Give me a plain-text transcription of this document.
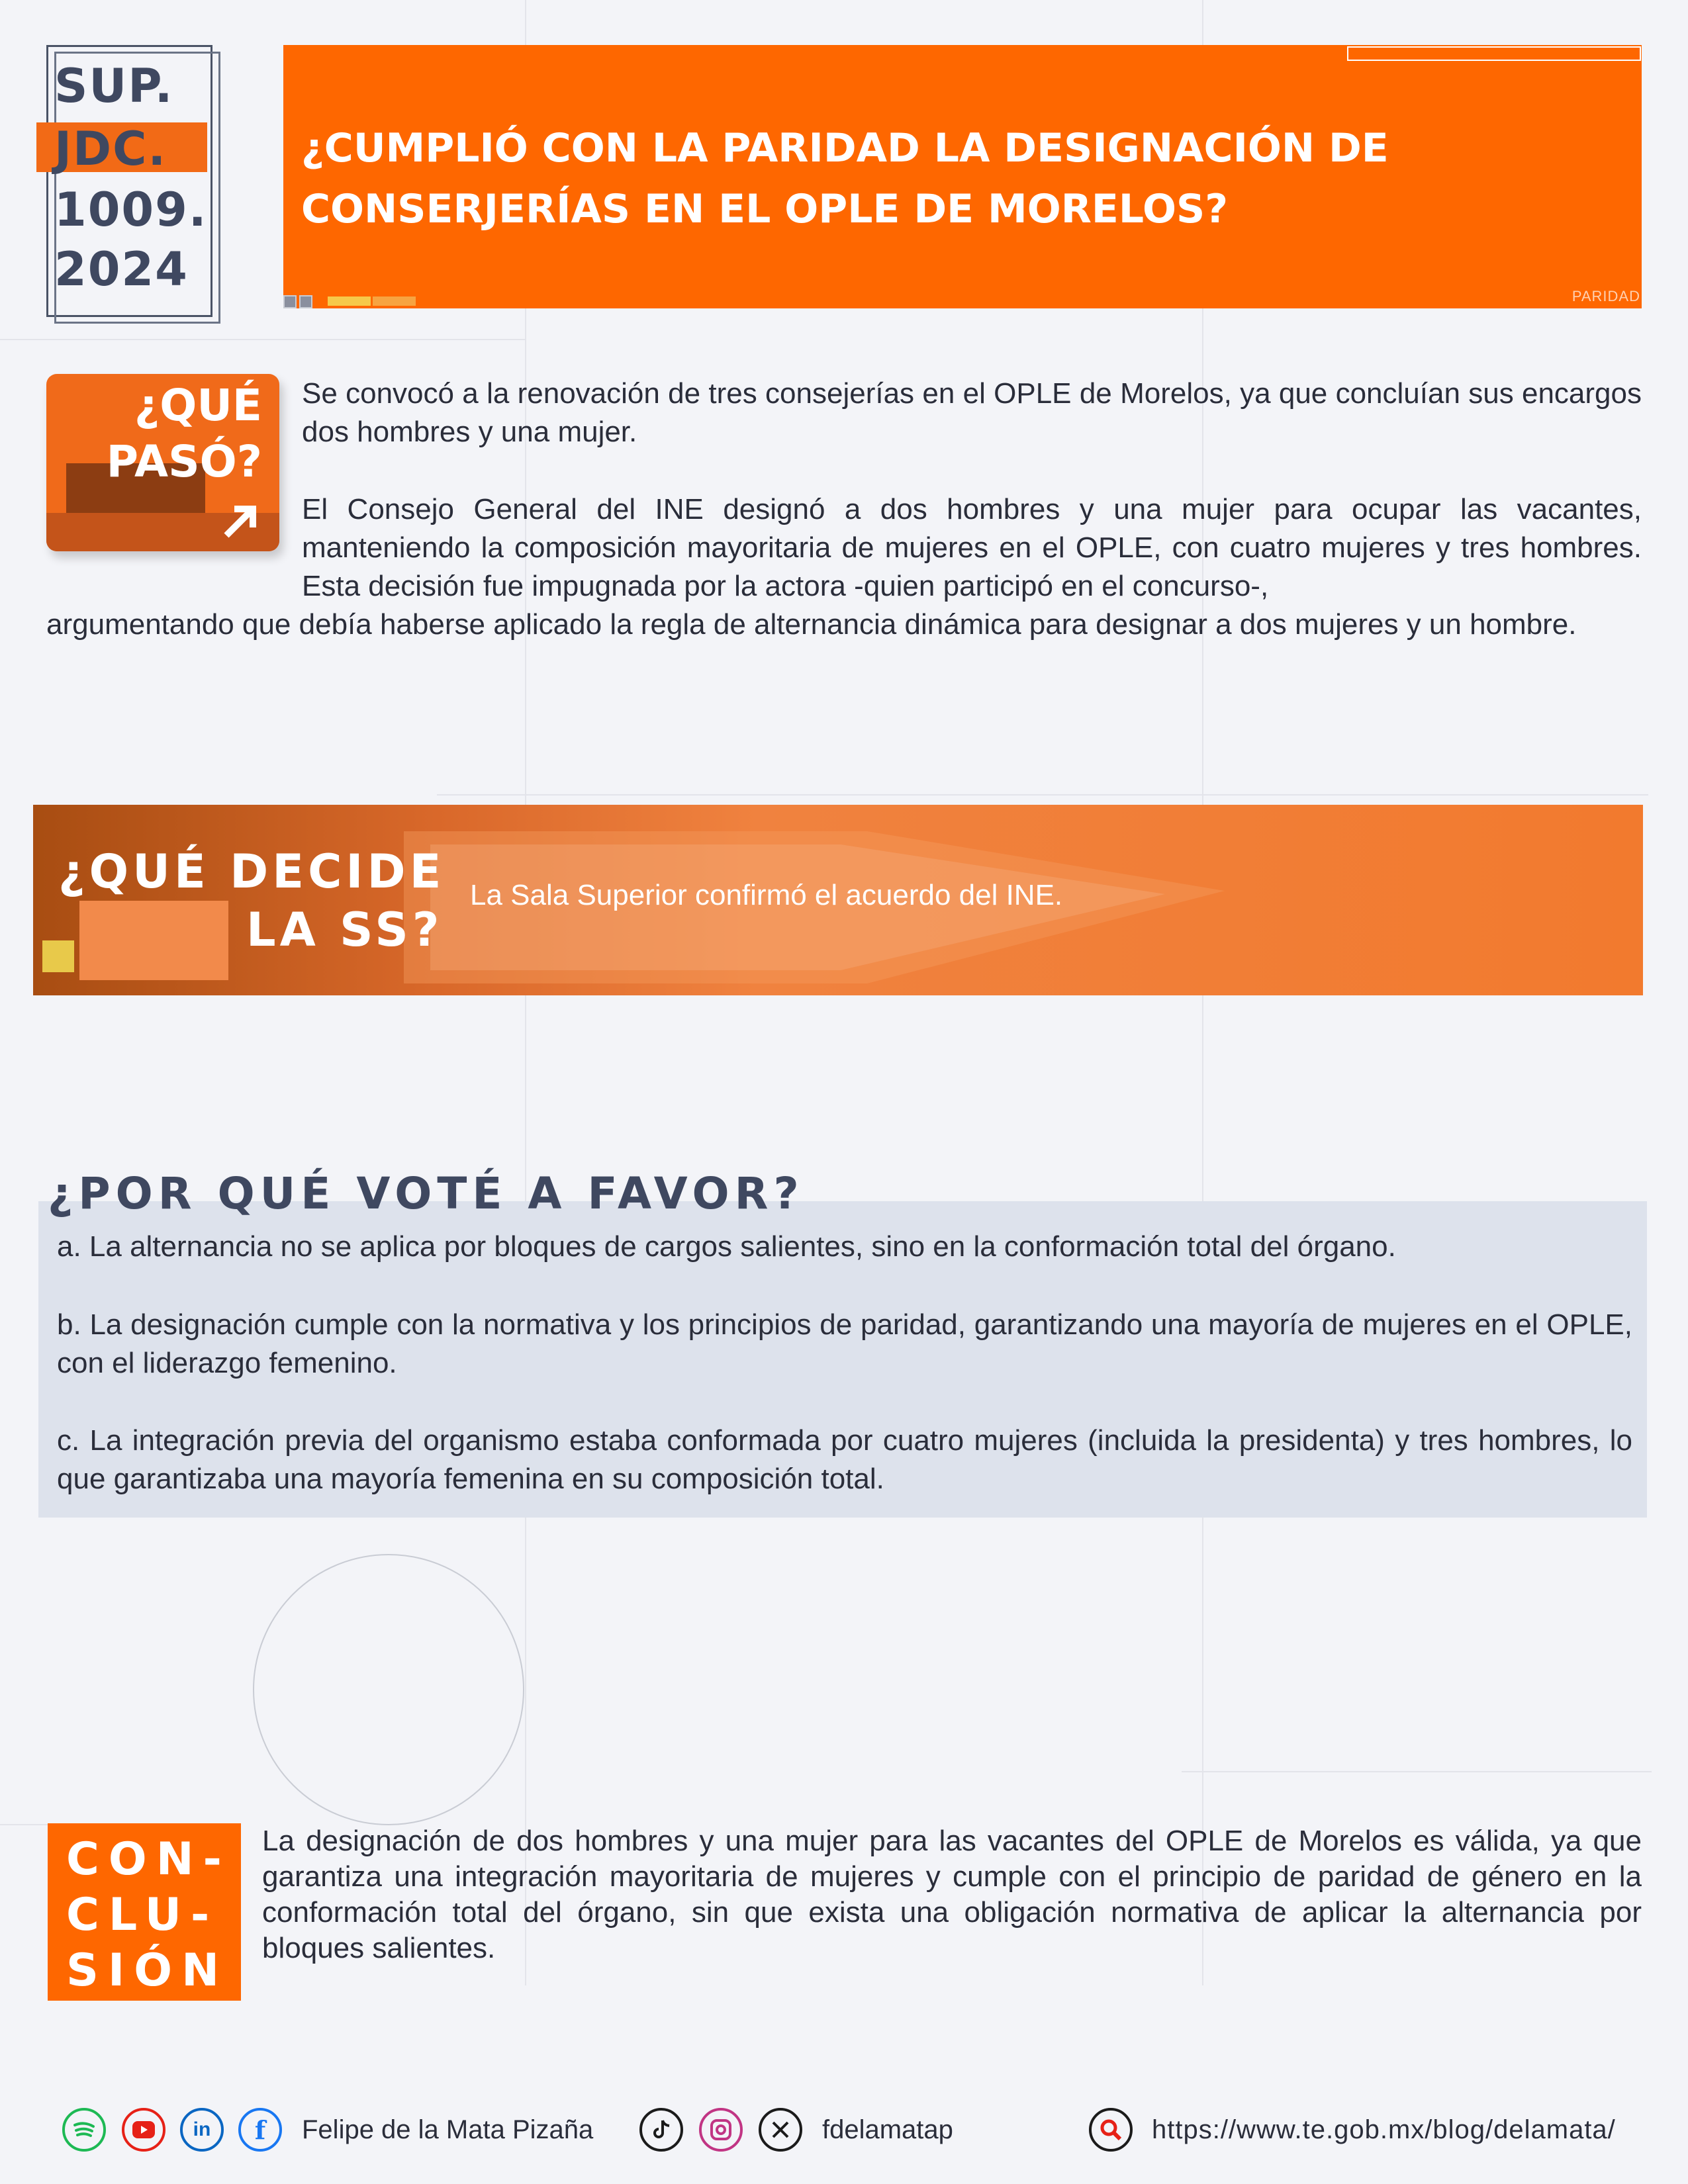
SUP.
JDC.
1009.
2024
¿CUMPLIÓ CON LA PARIDAD LA DESIGNACIÓN DE
CONSERJERÍAS EN EL OPLE DE MORELOS?
PARIDAD
¿QUÉ
PASÓ?
Se convocó a la renovación de tres consejerías en el OPLE de Morelos, ya que concluían sus encargos dos hombres y una mujer.
El Consejo General del INE designó a dos hombres y una mujer para ocupar las vacantes, manteniendo la composición mayoritaria de mujeres en el OPLE, con cuatro mujeres y tres hombres. Esta decisión fue impugnada por la actora -quien participó en el concurso-,
argumentando que debía haberse aplicado la regla de alternancia dinámica para designar a dos mujeres y un hombre.
¿QUÉ DECIDE
LA SS?
La Sala Superior confirmó el acuerdo del INE.
¿POR QUÉ VOTÉ A FAVOR?
a. La alternancia no se aplica por bloques de cargos salientes, sino en la conformación total del órgano.
b. La designación cumple con la normativa y los principios de paridad, garantizando una mayoría de mujeres en el OPLE, con el liderazgo femenino.
c. La integración previa del organismo estaba conformada por cuatro mujeres (incluida la presidenta) y tres hombres, lo que garantizaba una mayoría femenina en su composición total.
CON-
CLU-
SIÓN
La designación de dos hombres y una mujer para las vacantes del OPLE de Morelos es válida, ya que garantiza una integración mayoritaria de mujeres y cumple con el principio de paridad de género en la conformación total del órgano, sin que exista una obligación normativa de aplicar la alternancia por bloques salientes.
in	f	Felipe de la Mata Pizaña	fdelamatap	https://www.te.gob.mx/blog/delamata/
